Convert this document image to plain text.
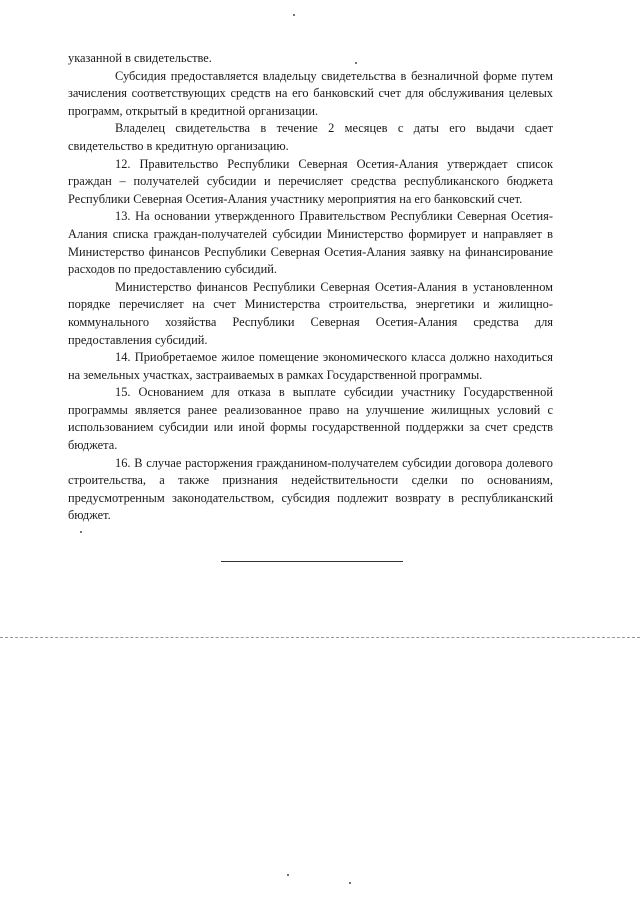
указанной в свидетельстве.

Субсидия предоставляется владельцу свидетельства в безналичной форме путем зачисления соответствующих средств на его банковский счет для обслуживания целевых программ, открытый в кредитной организации.

Владелец свидетельства в течение 2 месяцев с даты его выдачи сдает свидетельство в кредитную организацию.

12. Правительство Республики Северная Осетия-Алания утверждает список граждан – получателей субсидии и перечисляет средства республиканского бюджета Республики Северная Осетия-Алания участнику мероприятия на его банковский счет.

13. На основании утвержденного Правительством Республики Северная Осетия-Алания списка граждан-получателей субсидии Министерство формирует и направляет в Министерство финансов Республики Северная Осетия-Алания заявку на финансирование расходов по предоставлению субсидий.

Министерство финансов Республики Северная Осетия-Алания в установленном порядке перечисляет на счет Министерства строительства, энергетики и жилищно-коммунального хозяйства Республики Северная Осетия-Алания средства для предоставления субсидий.

14. Приобретаемое жилое помещение экономического класса должно находиться на земельных участках, застраиваемых в рамках Государственной программы.

15. Основанием для отказа в выплате субсидии участнику Государственной программы является ранее реализованное право на улучшение жилищных условий с использованием субсидии или иной формы государственной поддержки за счет средств бюджета.

16. В случае расторжения гражданином-получателем субсидии договора долевого строительства, а также признания недействительности сделки по основаниям, предусмотренным законодательством, субсидия подлежит возврату в республиканский бюджет.
